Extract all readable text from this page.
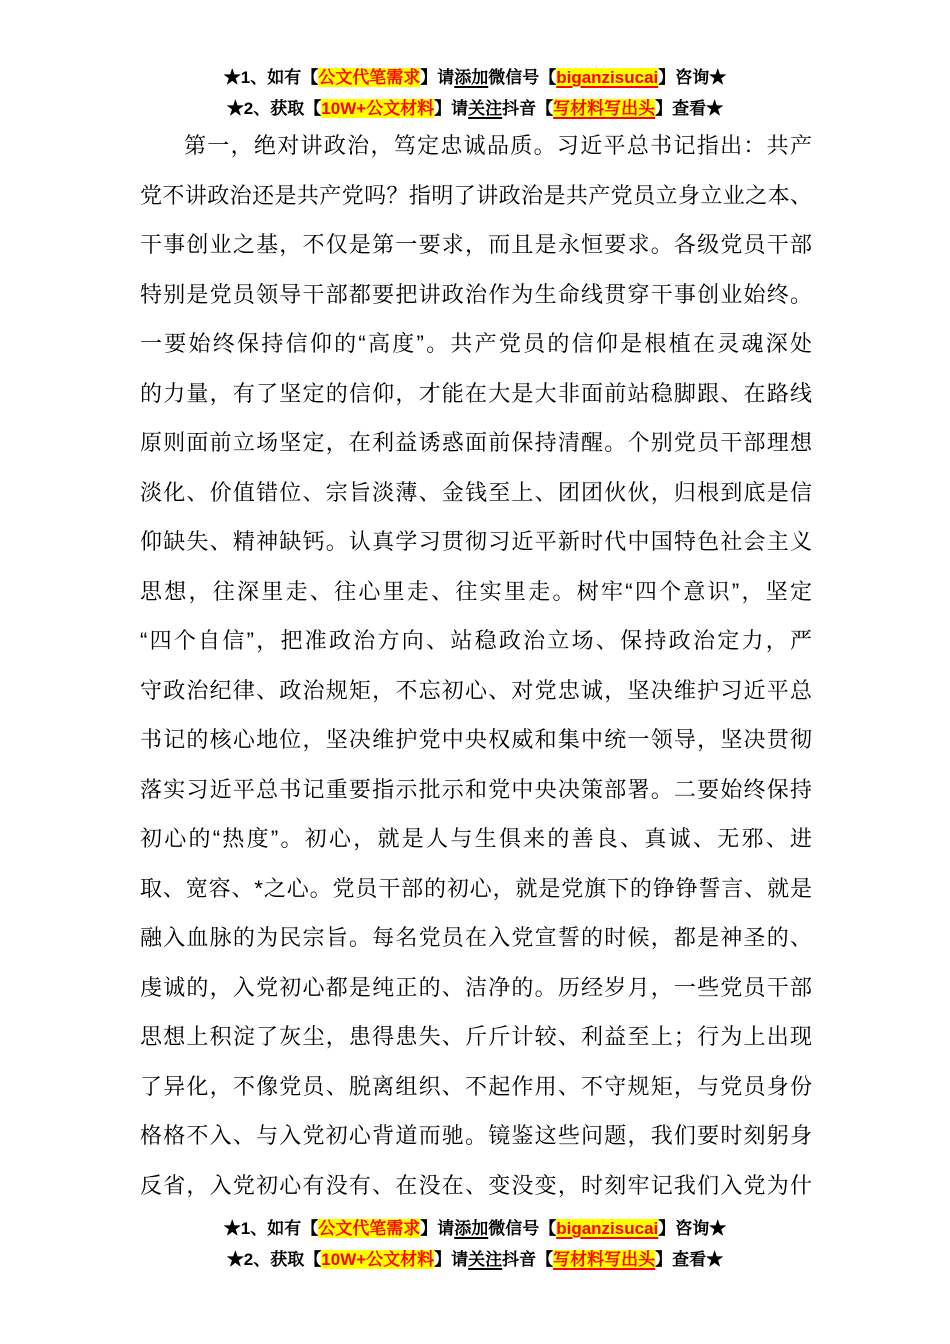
★1、如有【公文代笔需求】请添加微信号【biganzisucai】咨询★
★2、获取【10W+公文材料】请关注抖音【写材料写出头】查看★
第一，绝对讲政治，笃定忠诚品质。习近平总书记指出：共产
党不讲政治还是共产党吗？指明了讲政治是共产党员立身立业之本、
干事创业之基，不仅是第一要求，而且是永恒要求。各级党员干部
特别是党员领导干部都要把讲政治作为生命线贯穿干事创业始终。
一要始终保持信仰的“高度”。共产党员的信仰是根植在灵魂深处
的力量，有了坚定的信仰，才能在大是大非面前站稳脚跟、在路线
原则面前立场坚定，在利益诱惑面前保持清醒。个别党员干部理想
淡化、价值错位、宗旨淡薄、金钱至上、团团伙伙，归根到底是信
仰缺失、精神缺钙。认真学习贯彻习近平新时代中国特色社会主义
思想，往深里走、往心里走、往实里走。树牢“四个意识”，坚定
“四个自信”，把准政治方向、站稳政治立场、保持政治定力，严
守政治纪律、政治规矩，不忘初心、对党忠诚，坚决维护习近平总
书记的核心地位，坚决维护党中央权威和集中统一领导，坚决贯彻
落实习近平总书记重要指示批示和党中央决策部署。二要始终保持
初心的“热度”。初心，就是人与生俱来的善良、真诚、无邪、进
取、宽容、*之心。党员干部的初心，就是党旗下的铮铮誓言、就是
融入血脉的为民宗旨。每名党员在入党宣誓的时候，都是神圣的、
虔诚的，入党初心都是纯正的、洁净的。历经岁月，一些党员干部
思想上积淀了灰尘，患得患失、斤斤计较、利益至上；行为上出现
了异化，不像党员、脱离组织、不起作用、不守规矩，与党员身份
格格不入、与入党初心背道而驰。镜鉴这些问题，我们要时刻躬身
反省，入党初心有没有、在没在、变没变，时刻牢记我们入党为什
★1、如有【公文代笔需求】请添加微信号【biganzisucai】咨询★
★2、获取【10W+公文材料】请关注抖音【写材料写出头】查看★
